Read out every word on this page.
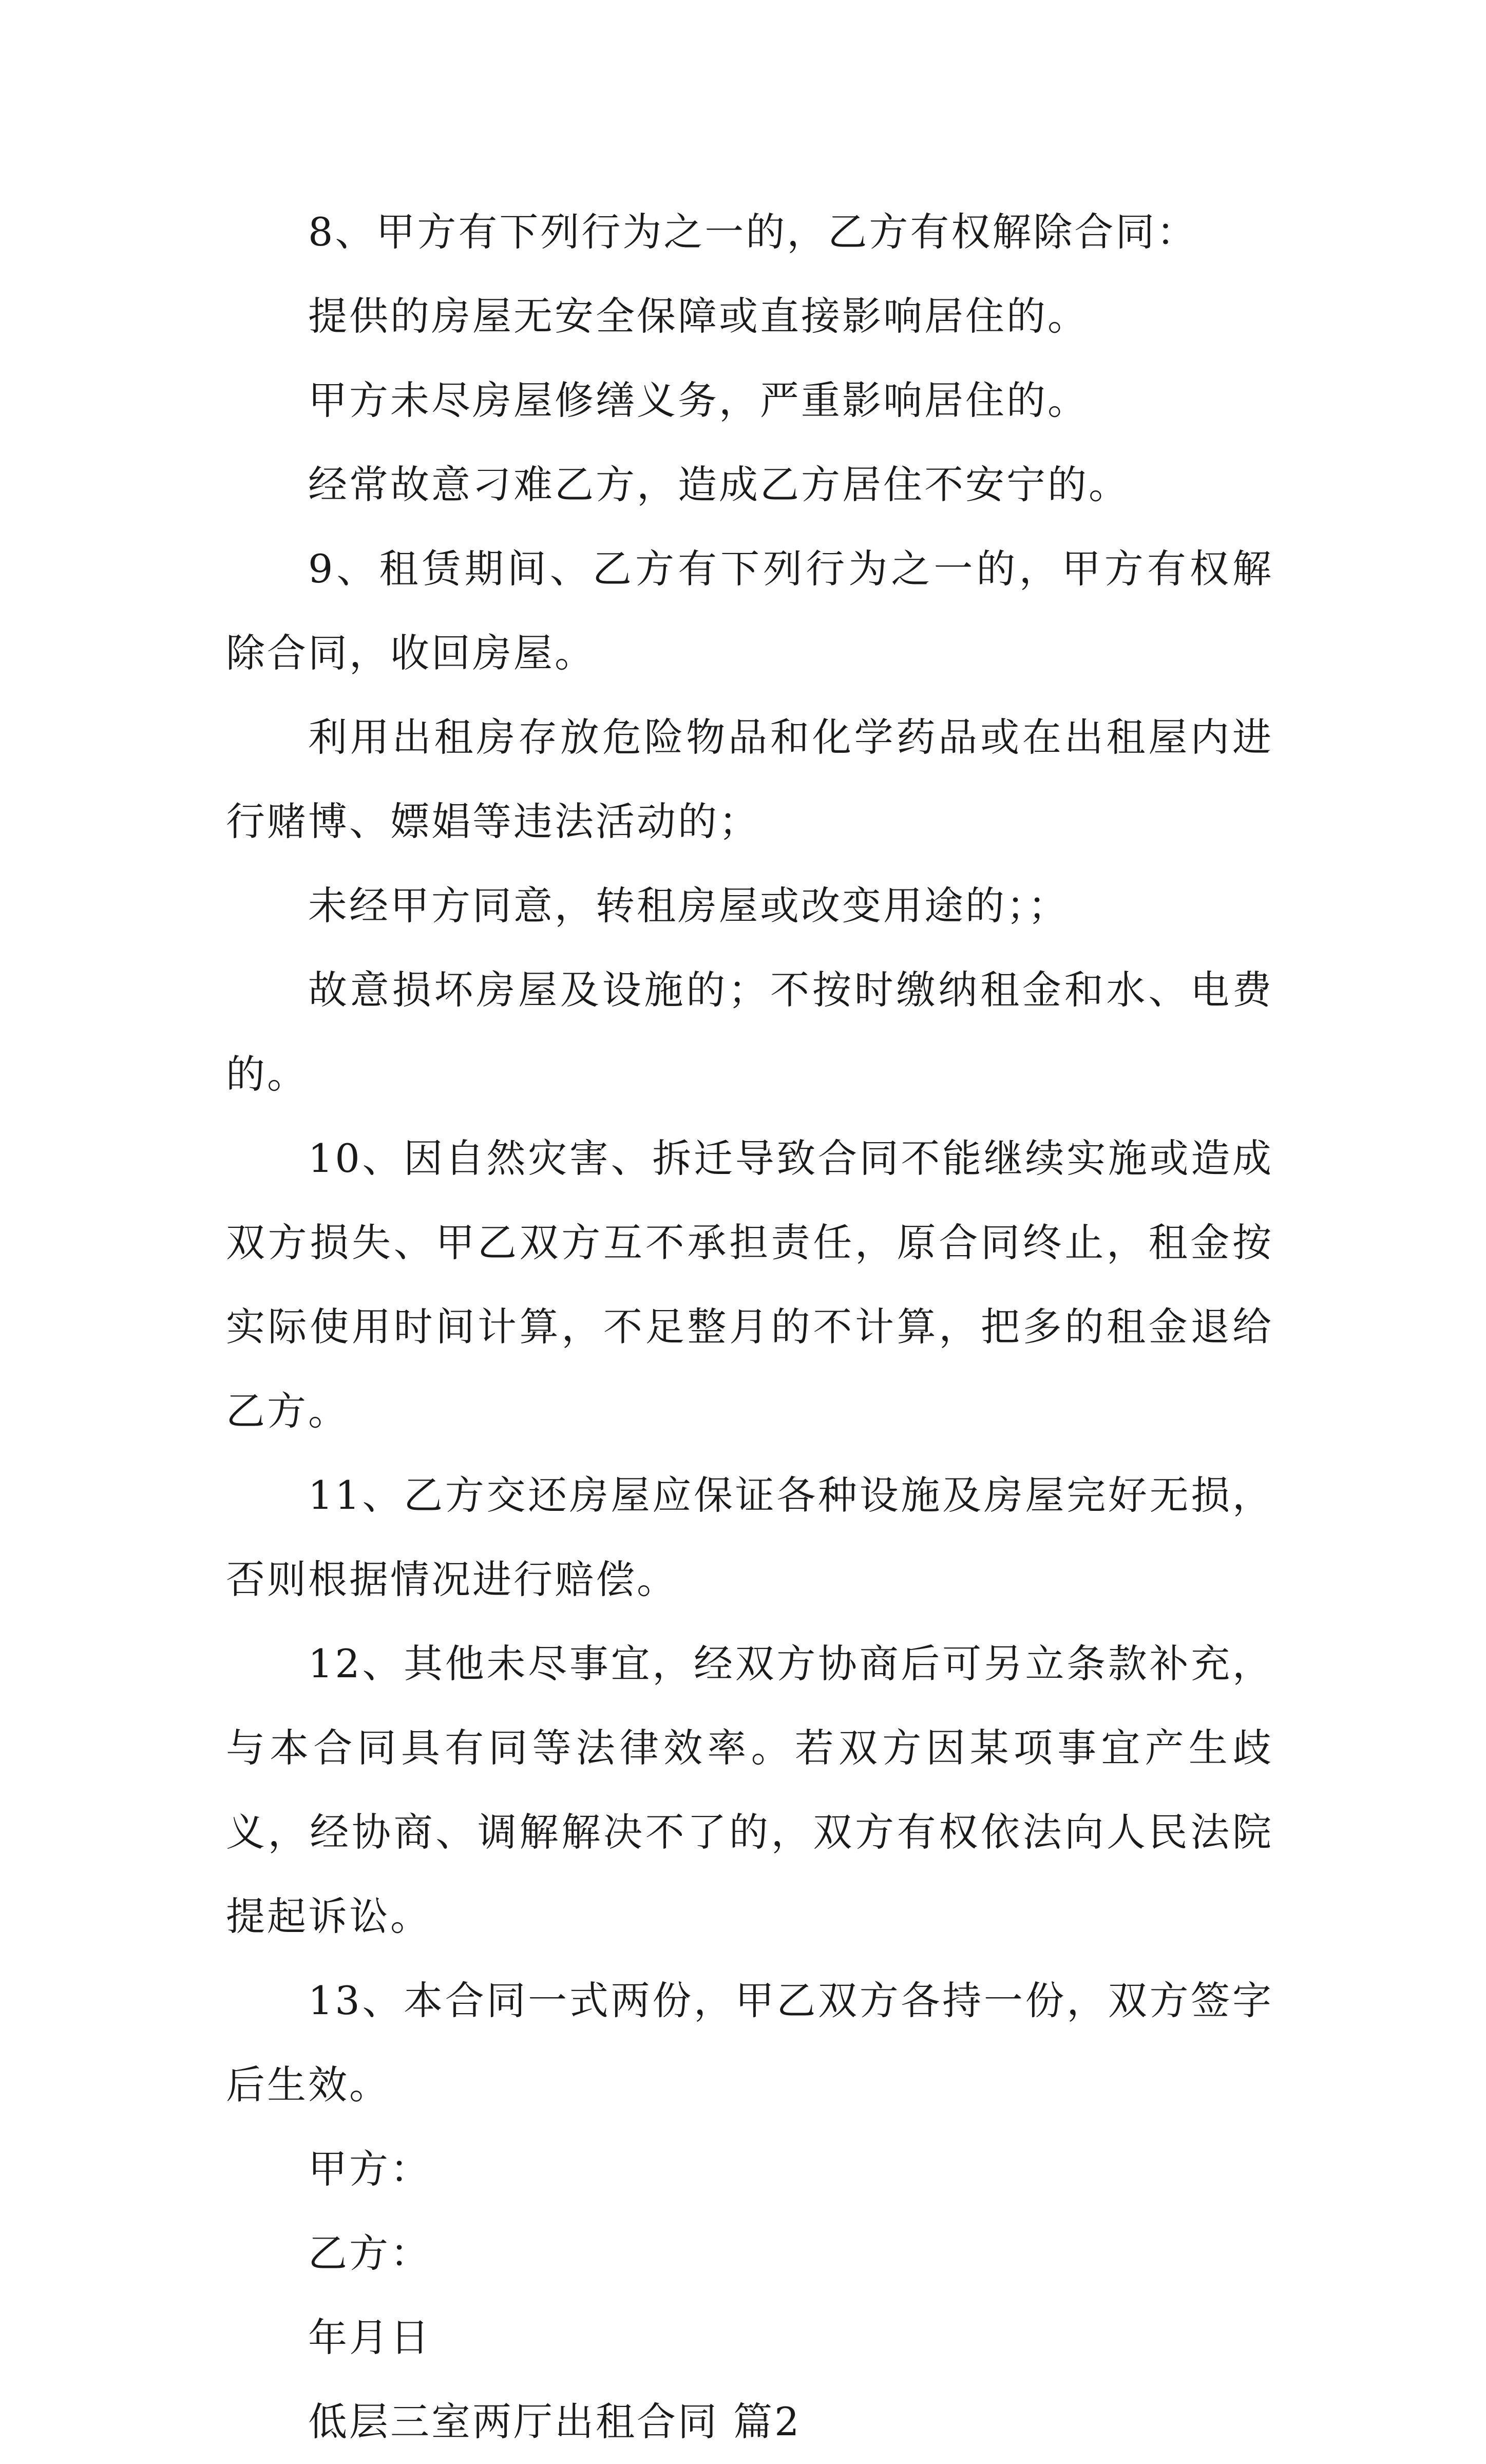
8、甲方有下列行为之一的，乙方有权解除合同：

提供的房屋无安全保障或直接影响居住的。

甲方未尽房屋修缮义务，严重影响居住的。

经常故意刁难乙方，造成乙方居住不安宁的。

9、租赁期间、乙方有下列行为之一的，甲方有权解除合同，收回房屋。

利用出租房存放危险物品和化学药品或在出租屋内进行赌博、嫖娼等违法活动的；

未经甲方同意，转租房屋或改变用途的；；

故意损坏房屋及设施的；不按时缴纳租金和水、电费的。

10、因自然灾害、拆迁导致合同不能继续实施或造成双方损失、甲乙双方互不承担责任，原合同终止，租金按实际使用时间计算，不足整月的不计算，把多的租金退给乙方。

11、乙方交还房屋应保证各种设施及房屋完好无损，否则根据情况进行赔偿。

12、其他未尽事宜，经双方协商后可另立条款补充，与本合同具有同等法律效率。若双方因某项事宜产生歧义，经协商、调解解决不了的，双方有权依法向人民法院提起诉讼。

13、本合同一式两份，甲乙双方各持一份，双方签字后生效。

甲方：

乙方：

年月日

低层三室两厅出租合同 篇2
